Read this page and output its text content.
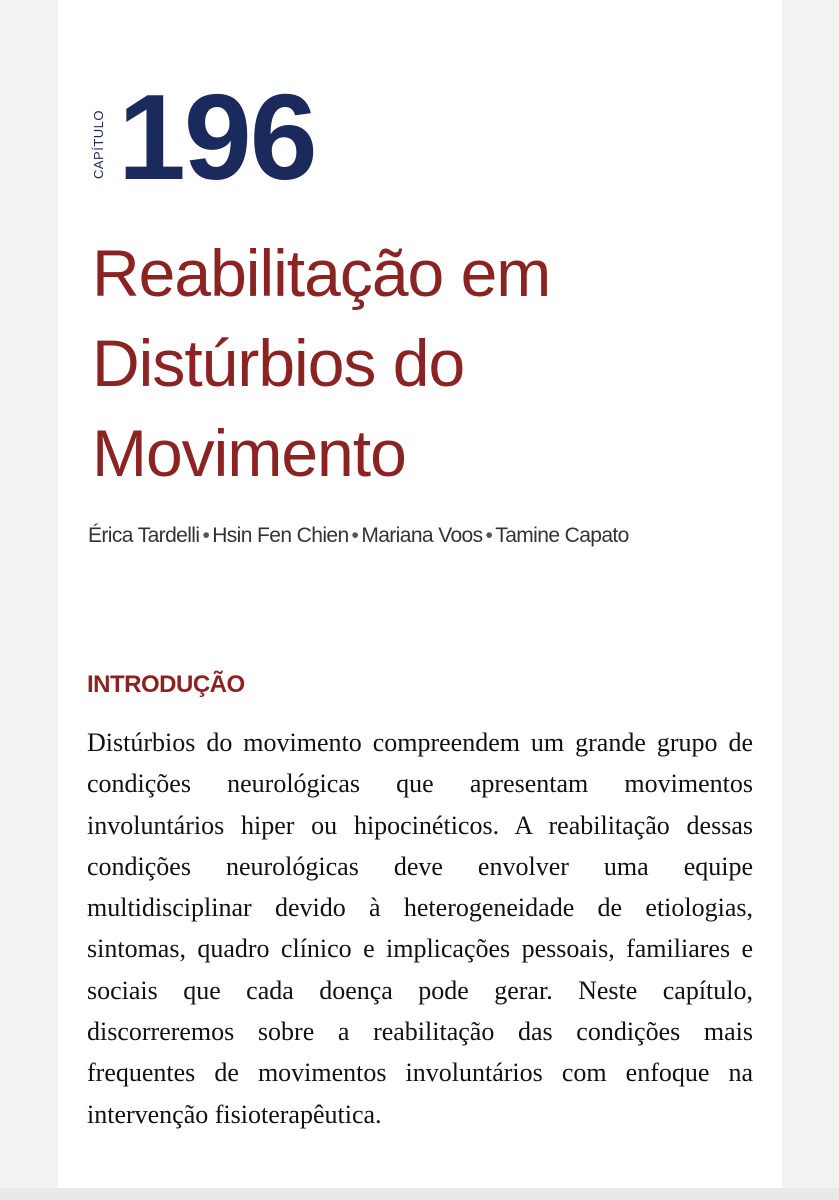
CAPÍTULO 196
Reabilitação em
Distúrbios do
Movimento
Érica Tardelli • Hsin Fen Chien • Mariana Voos • Tamine Capato
INTRODUÇÃO

Distúrbios do movimento compreendem um grande grupo de condições neurológicas que apresentam movimentos involuntários hiper ou hipocinéticos. A reabilitação dessas condições neurológicas deve envolver uma equipe multidisciplinar devido à heterogeneidade de etiologias, sintomas, quadro clínico e implicações pessoais, familiares e sociais que cada doença pode gerar. Neste capítulo, discorreremos sobre a reabilitação das condições mais frequentes de movimentos involuntários com enfoque na intervenção fisioterapêutica.
